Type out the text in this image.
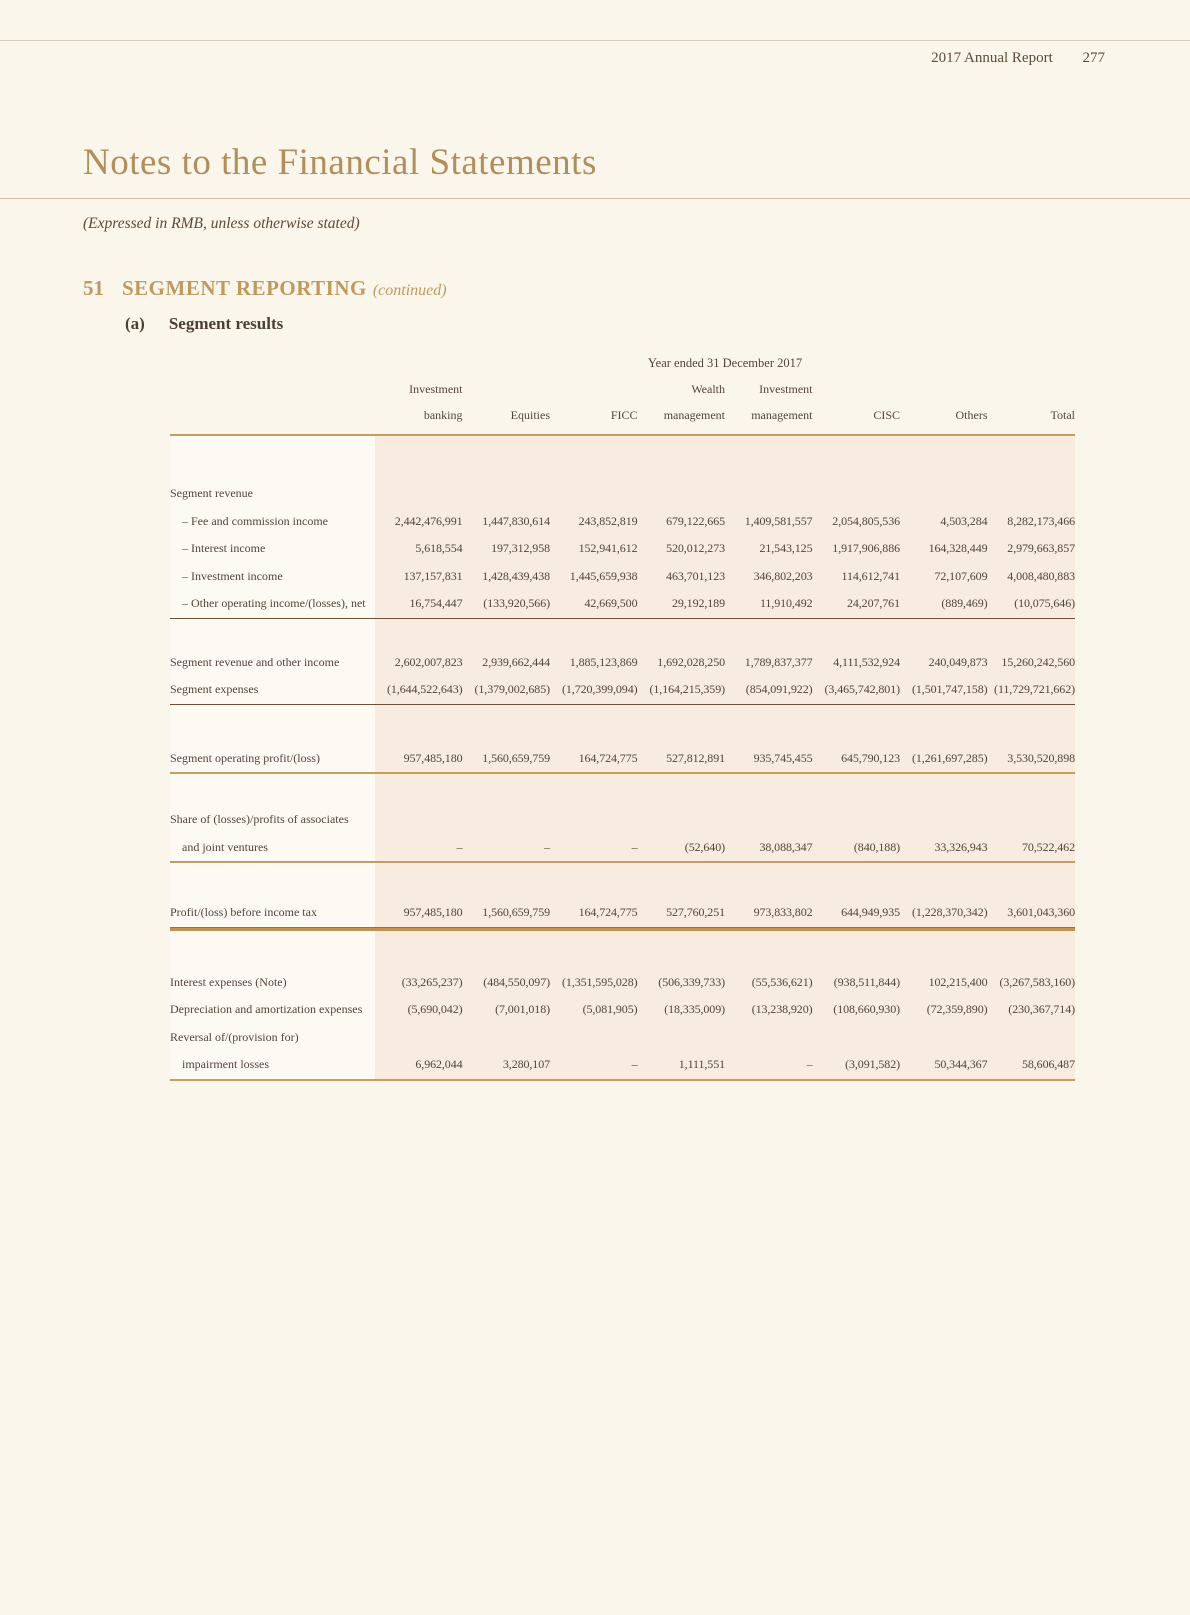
2017 Annual Report 277
Notes to the Financial Statements
(Expressed in RMB, unless otherwise stated)
51 SEGMENT REPORTING (continued)
(a) Segment results
Year ended 31 December 2017
Investment
banking	Equities	FICC
Wealth
management
Investment
management	CISC	Others	Total
Segment revenue
– Fee and commission income	2,442,476,991	1,447,830,614	243,852,819	679,122,665	1,409,581,557	2,054,805,536	4,503,284	8,282,173,466
– Interest income	5,618,554	197,312,958	152,941,612	520,012,273	21,543,125	1,917,906,886	164,328,449	2,979,663,857
– Investment income	137,157,831	1,428,439,438	1,445,659,938	463,701,123	346,802,203	114,612,741	72,107,609	4,008,480,883
– Other operating income/(losses), net	16,754,447	(133,920,566)	42,669,500	29,192,189	11,910,492	24,207,761	(889,469)	(10,075,646)
Segment revenue and other income	2,602,007,823	2,939,662,444	1,885,123,869	1,692,028,250	1,789,837,377	4,111,532,924	240,049,873	15,260,242,560
Segment expenses	(1,644,522,643)	(1,379,002,685)	(1,720,399,094)	(1,164,215,359)	(854,091,922)	(3,465,742,801)	(1,501,747,158) (11,729,721,662)
Segment operating profit/(loss)	957,485,180	1,560,659,759	164,724,775	527,812,891	935,745,455	645,790,123	(1,261,697,285)	3,530,520,898
Share of (losses)/profits of associates
and joint ventures	–	–	–	(52,640)	38,088,347	(840,188)	33,326,943	70,522,462
Profit/(loss) before income tax	957,485,180	1,560,659,759	164,724,775	527,760,251	973,833,802	644,949,935	(1,228,370,342)	3,601,043,360
Interest expenses (Note)	(33,265,237)	(484,550,097)	(1,351,595,028)	(506,339,733)	(55,536,621)	(938,511,844)	102,215,400	(3,267,583,160)
Depreciation and amortization expenses	(5,690,042)	(7,001,018)	(5,081,905)	(18,335,009)	(13,238,920)	(108,660,930)	(72,359,890)	(230,367,714)
Reversal of/(provision for)
impairment losses	6,962,044	3,280,107	–	1,111,551	–	(3,091,582)	50,344,367	58,606,487
